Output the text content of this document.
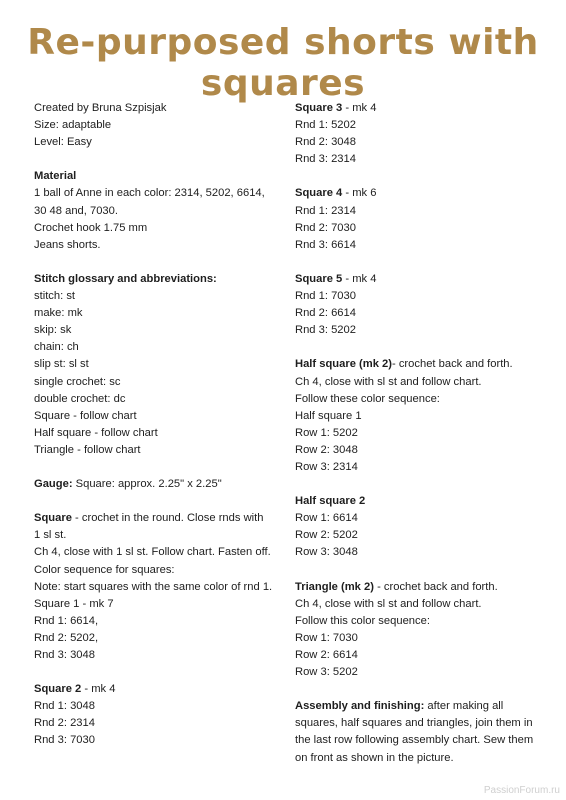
Re-purposed shorts with squares
Created by Bruna Szpisjak
Size: adaptable
Level: Easy
Material
1 ball of Anne in each color: 2314, 5202, 6614,
30 48 and, 7030.
Crochet hook 1.75 mm
Jeans shorts.
Stitch glossary and abbreviations:
stitch: st
make: mk
skip: sk
chain: ch
slip st: sl st
single crochet: sc
double crochet: dc
Square - follow chart
Half square - follow chart
Triangle - follow chart
Gauge: Square: approx. 2.25" x 2.25"
Square - crochet in the round. Close rnds with 1 sl st.
Ch 4, close with 1 sl st. Follow chart. Fasten off.
Color sequence for squares:
Note: start squares with the same color of rnd 1.
Square 1 - mk 7
Rnd 1: 6614,
Rnd 2: 5202,
Rnd 3: 3048
Square 2 - mk 4
Rnd 1: 3048
Rnd 2: 2314
Rnd 3: 7030
Square 3 - mk 4
Rnd 1: 5202
Rnd 2: 3048
Rnd 3: 2314
Square 4 - mk 6
Rnd 1: 2314
Rnd 2: 7030
Rnd 3: 6614
Square 5 - mk 4
Rnd 1: 7030
Rnd 2: 6614
Rnd 3: 5202
Half square (mk 2)- crochet back and forth.
Ch 4, close with sl st and follow chart.
Follow these color sequence:
Half square 1
Row 1: 5202
Row 2: 3048
Row 3: 2314
Half square 2
Row 1: 6614
Row 2: 5202
Row 3: 3048
Triangle (mk 2) - crochet back and forth.
Ch 4, close with sl st and follow chart.
Follow this color sequence:
Row 1: 7030
Row 2: 6614
Row 3: 5202
Assembly and finishing: after making all squares, half squares and triangles, join them in the last row following assembly chart. Sew them on front as shown in the picture.
PassionForum.ru
